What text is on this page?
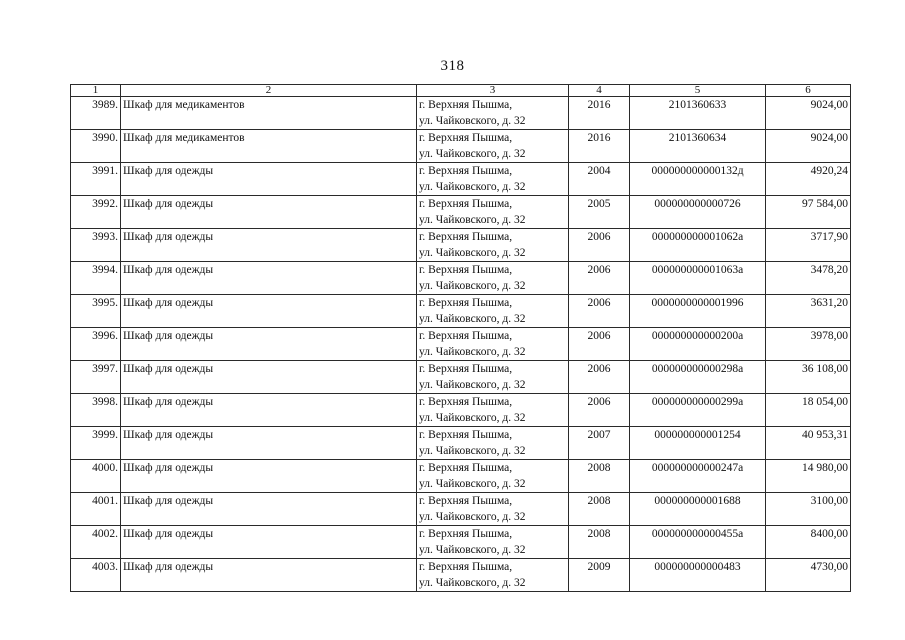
318
1	2	3	4	5	6
3989.	Шкаф для медикаментов	г. Верхняя Пышма,
ул. Чайковского, д. 32	2016	2101360633	9024,00
3990.	Шкаф для медикаментов	г. Верхняя Пышма,
ул. Чайковского, д. 32	2016	2101360634	9024,00
3991.	Шкаф для одежды	г. Верхняя Пышма,
ул. Чайковского, д. 32	2004	000000000000132д	4920,24
3992.	Шкаф для одежды	г. Верхняя Пышма,
ул. Чайковского, д. 32	2005	000000000000726	97 584,00
3993.	Шкаф для одежды	г. Верхняя Пышма,
ул. Чайковского, д. 32	2006	000000000001062а	3717,90
3994.	Шкаф для одежды	г. Верхняя Пышма,
ул. Чайковского, д. 32	2006	000000000001063а	3478,20
3995.	Шкаф для одежды	г. Верхняя Пышма,
ул. Чайковского, д. 32	2006	0000000000001996	3631,20
3996.	Шкаф для одежды	г. Верхняя Пышма,
ул. Чайковского, д. 32	2006	000000000000200а	3978,00
3997.	Шкаф для одежды	г. Верхняя Пышма,
ул. Чайковского, д. 32	2006	000000000000298а	36 108,00
3998.	Шкаф для одежды	г. Верхняя Пышма,
ул. Чайковского, д. 32	2006	000000000000299а	18 054,00
3999.	Шкаф для одежды	г. Верхняя Пышма,
ул. Чайковского, д. 32	2007	000000000001254	40 953,31
4000.	Шкаф для одежды	г. Верхняя Пышма,
ул. Чайковского, д. 32	2008	000000000000247а	14 980,00
4001.	Шкаф для одежды	г. Верхняя Пышма,
ул. Чайковского, д. 32	2008	000000000001688	3100,00
4002.	Шкаф для одежды	г. Верхняя Пышма,
ул. Чайковского, д. 32	2008	000000000000455а	8400,00
4003.	Шкаф для одежды	г. Верхняя Пышма,
ул. Чайковского, д. 32	2009	000000000000483	4730,00
